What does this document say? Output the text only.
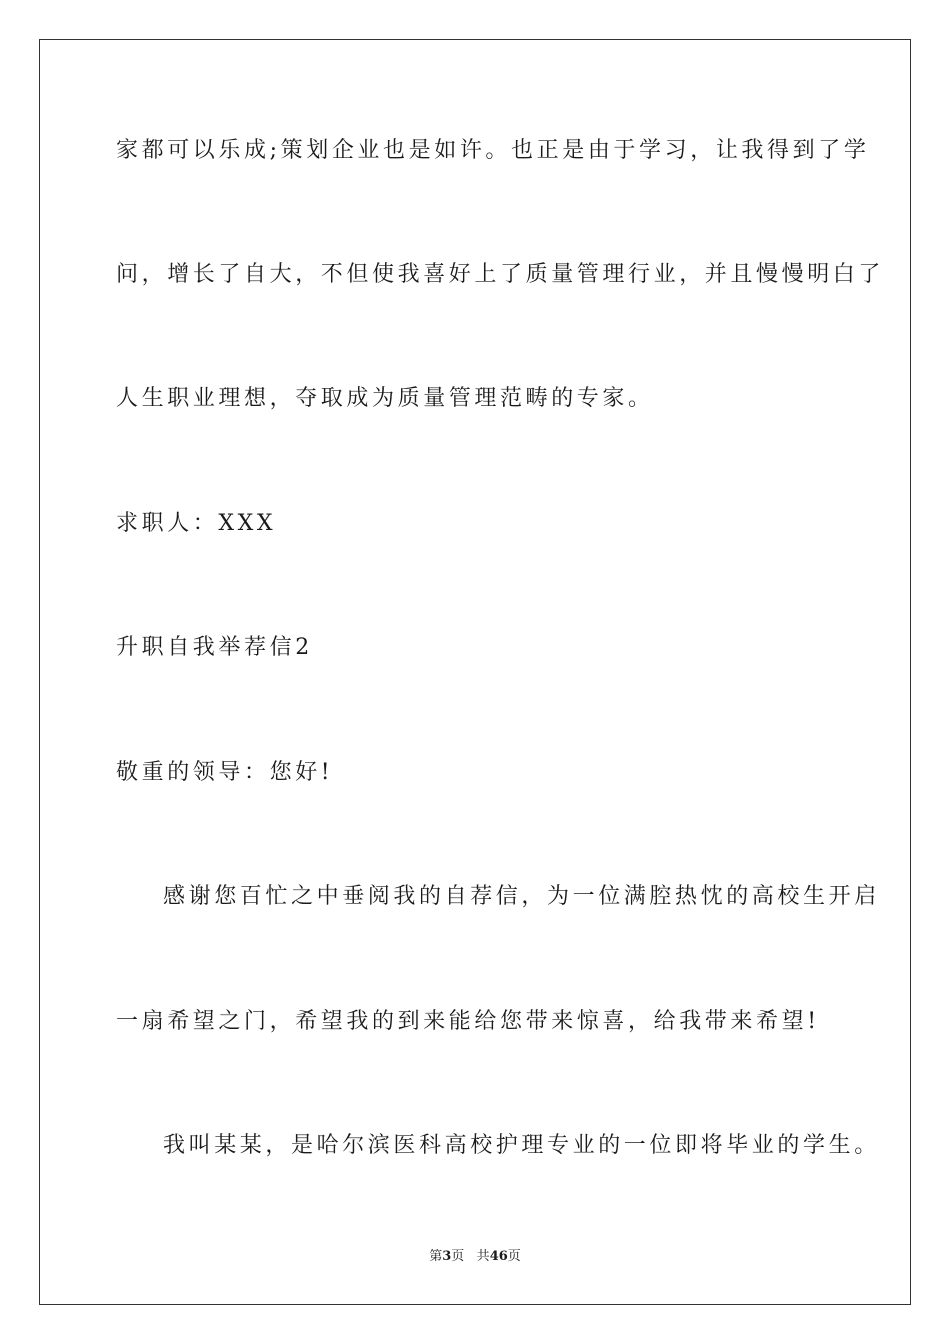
家都可以乐成;策划企业也是如许。也正是由于学习，让我得到了学
问，增长了自大，不但使我喜好上了质量管理行业，并且慢慢明白了
人生职业理想，夺取成为质量管理范畴的专家。
求职人：XXX
升职自我举荐信2
敬重的领导：您好!
感谢您百忙之中垂阅我的自荐信，为一位满腔热忱的高校生开启
一扇希望之门，希望我的到来能给您带来惊喜，给我带来希望!
我叫某某，是哈尔滨医科高校护理专业的一位即将毕业的学生。
第3页 共46页
